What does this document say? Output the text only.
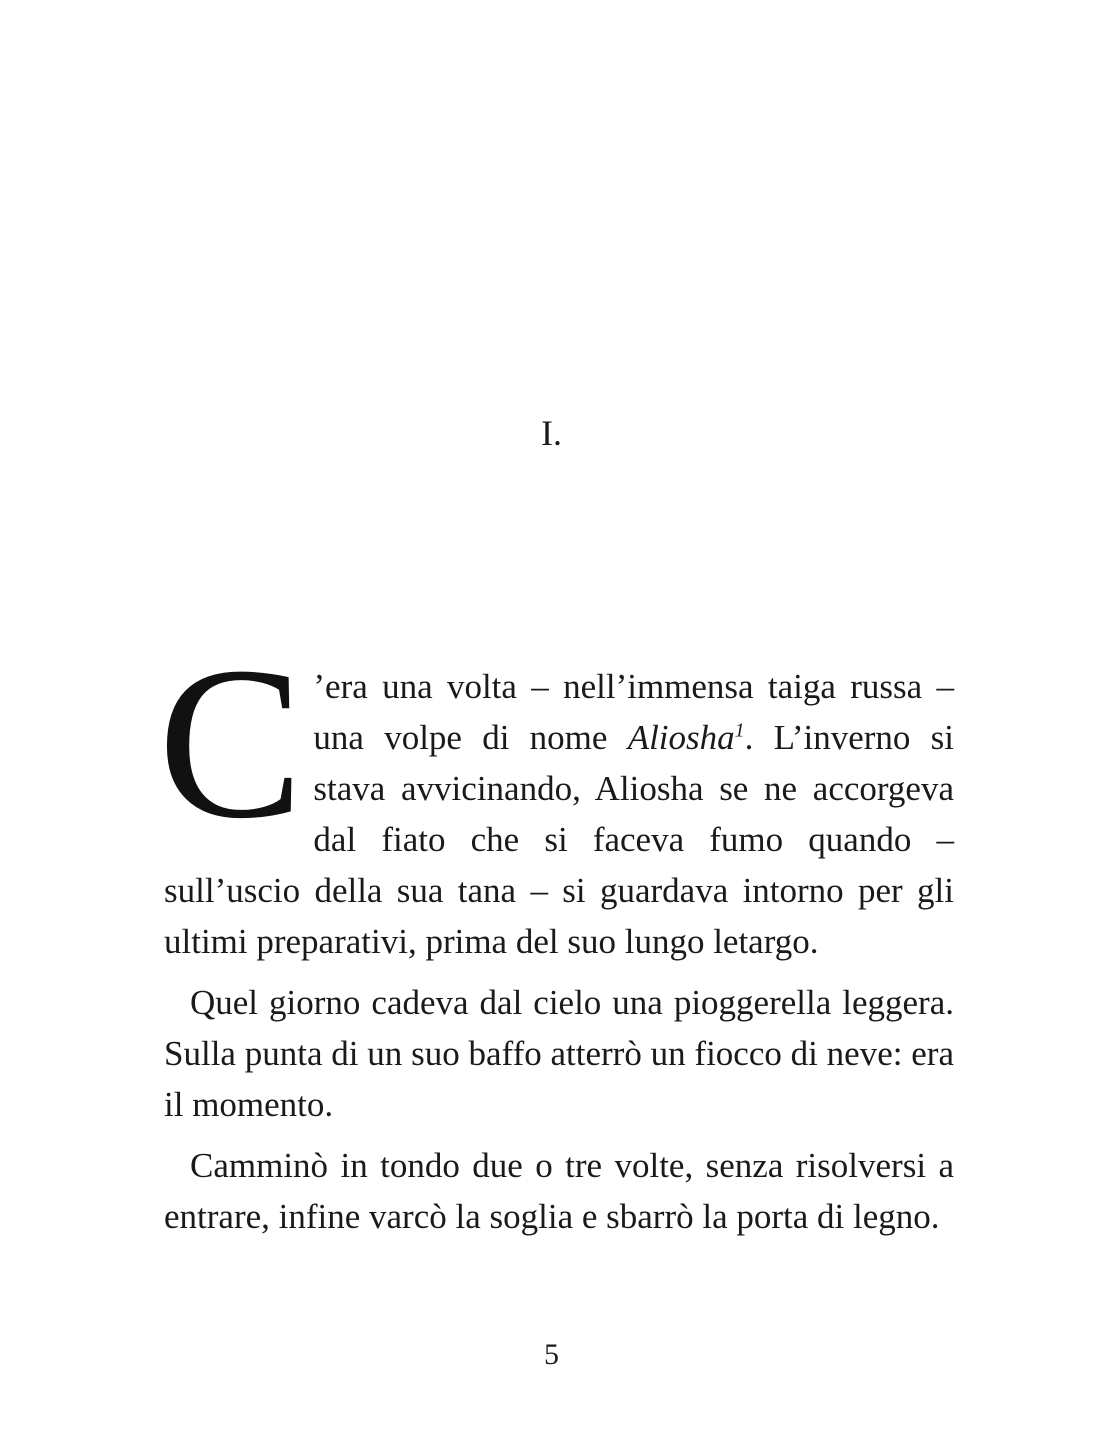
I.

C ’era una volta – nell’immensa taiga russa – una volpe di nome Aliosha$^1$. L’inverno si stava avvicinando, Aliosha se ne accorgeva dal fiato che si faceva fumo quando – sull’uscio della sua tana – si guardava intorno per gli ultimi preparativi, prima del suo lungo letargo.

Quel giorno cadeva dal cielo una pioggerella leggera. Sulla punta di un suo baffo atterrò un fiocco di neve: era il momento.

Camminò in tondo due o tre volte, senza risolversi a entrare, infine varcò la soglia e sbarrò la porta di legno.

5
